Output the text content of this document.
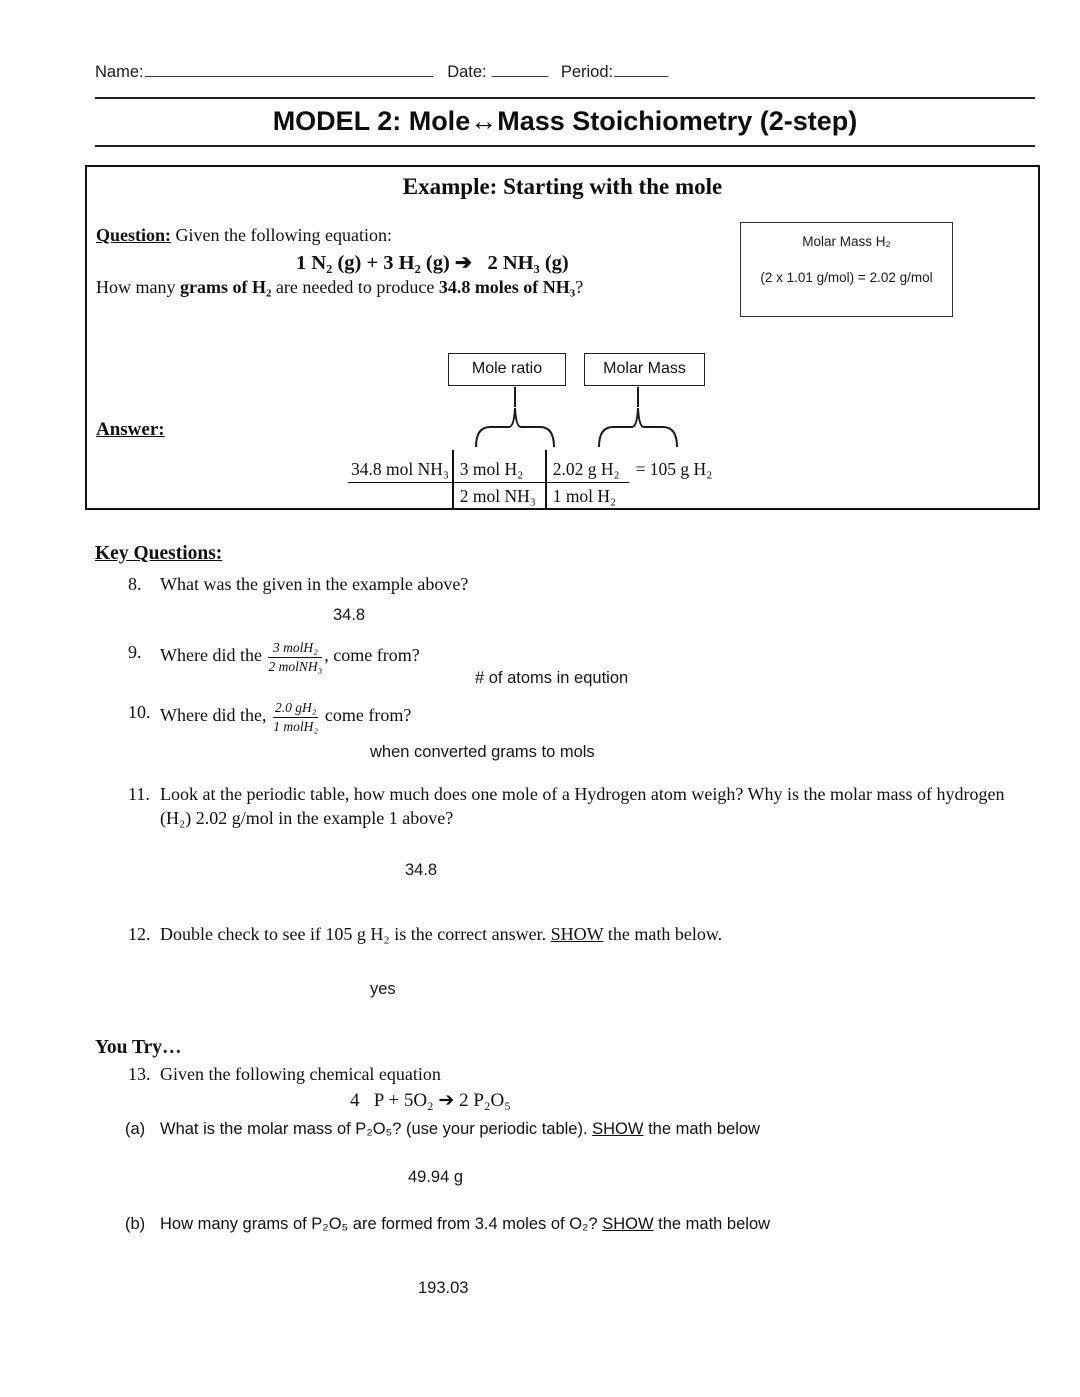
Name:	Date:	Period:
MODEL 2: Mole↔Mass Stoichiometry (2-step)
Example: Starting with the mole
Question: Given the following equation:
1 N₂ (g) + 3 H₂ (g) ➔   2 NH₃ (g)
How many grams of H₂ are needed to produce 34.8 moles of NH₃?
Molar Mass H₂
(2 x 1.01 g/mol) = 2.02 g/mol
Mole ratio	Molar Mass
Answer:
34.8 mol $NH_3 \frac{\text{3 mol H₂}}{\text{2 mol NH₃}} \frac{\text{2.02 g H₂}}{\text{1 mol H₂}} = 105$ g H₂
Key Questions:
8. What was the given in the example above?
34.8
9. Where did the $\frac{\text{3 molH₂}}{\text{2 molNH₃}}$ , come from?
# of atoms in eqution
10. Where did the, $\frac{\text{2.0 gH₂}}{\text{1 molH₂}}$ come from?
when converted grams to mols
11. Look at the periodic table, how much does one mole of a Hydrogen atom weigh? Why is the molar mass of hydrogen (H₂) 2.02 g/mol in the example 1 above?
34.8
12. Double check to see if 105 g H₂ is the correct answer. SHOW the math below.
yes
You Try…
13. Given the following chemical equation
4   P + 5O₂ ➔ 2 P₂O₅
(a) What is the molar mass of P₂O₅? (use your periodic table). SHOW the math below
49.94 g
(b) How many grams of P₂O₅ are formed from 3.4 moles of O₂? SHOW the math below
193.03
